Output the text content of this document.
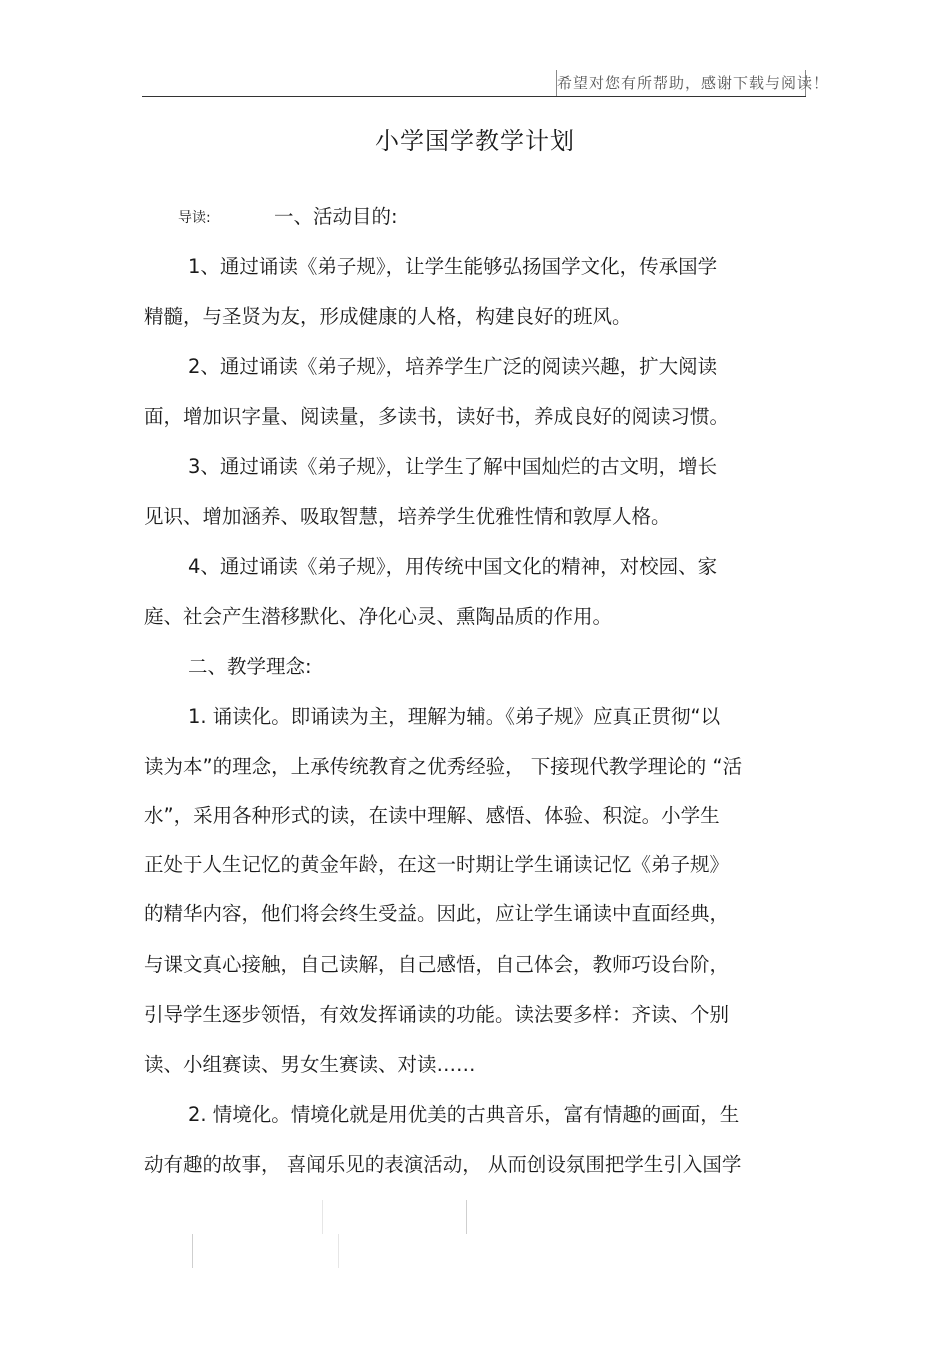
希望对您有所帮助，感谢下载与阅读！
小学国学教学计划
导读:	一、活动目的:
1、通过诵读《弟子规》，让学生能够弘扬国学文化，传承国学
精髓，与圣贤为友，形成健康的人格，构建良好的班风。
2、通过诵读《弟子规》，培养学生广泛的阅读兴趣，扩大阅读
面，增加识字量、阅读量，多读书，读好书，养成良好的阅读习惯。
3、通过诵读《弟子规》，让学生了解中国灿烂的古文明，增长
见识、增加涵养、吸取智慧，培养学生优雅性情和敦厚人格。
4、通过诵读《弟子规》，用传统中国文化的精神，对校园、家
庭、社会产生潜移默化、净化心灵、熏陶品质的作用。
二、教学理念:
1. 诵读化。即诵读为主，理解为辅。《弟子规》应真正贯彻“以
读为本”的理念，上承传统教育之优秀经验， 下接现代教学理论的 “活
水”，采用各种形式的读，在读中理解、感悟、体验、积淀。小学生
正处于人生记忆的黄金年龄，在这一时期让学生诵读记忆《弟子规》
的精华内容，他们将会终生受益。因此，应让学生诵读中直面经典，
与课文真心接触，自己读解，自己感悟，自己体会，教师巧设台阶，
引导学生逐步领悟，有效发挥诵读的功能。读法要多样：齐读、个别
读、小组赛读、男女生赛读、对读……
2. 情境化。情境化就是用优美的古典音乐，富有情趣的画面，生
动有趣的故事， 喜闻乐见的表演活动， 从而创设氛围把学生引入国学
